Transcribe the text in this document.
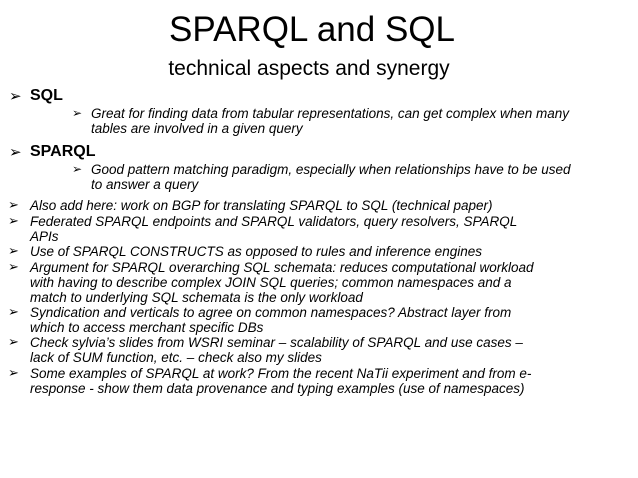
SPARQL and SQL
technical aspects and synergy
➢ SQL
➢ Great for finding data from tabular representations, can get complex when many
tables are involved in a given query
➢ SPARQL
➢ Good pattern matching paradigm, especially when relationships have to be used
to answer a query
➢ Also add here: work on BGP for translating SPARQL to SQL (technical paper)
➢ Federated SPARQL endpoints and SPARQL validators, query resolvers, SPARQL
APIs
➢ Use of SPARQL CONSTRUCTS as opposed to rules and inference engines
➢ Argument for SPARQL overarching SQL schemata: reduces computational workload
with having to describe complex JOIN SQL queries; common namespaces and a
match to underlying SQL schemata is the only workload
➢ Syndication and verticals to agree on common namespaces? Abstract layer from
which to access merchant specific DBs
➢ Check sylvia’s slides from WSRI seminar – scalability of SPARQL and use cases –
lack of SUM function, etc. – check also my slides
➢ Some examples of SPARQL at work? From the recent NaTii experiment and from e-
response - show them data provenance and typing examples (use of namespaces)
